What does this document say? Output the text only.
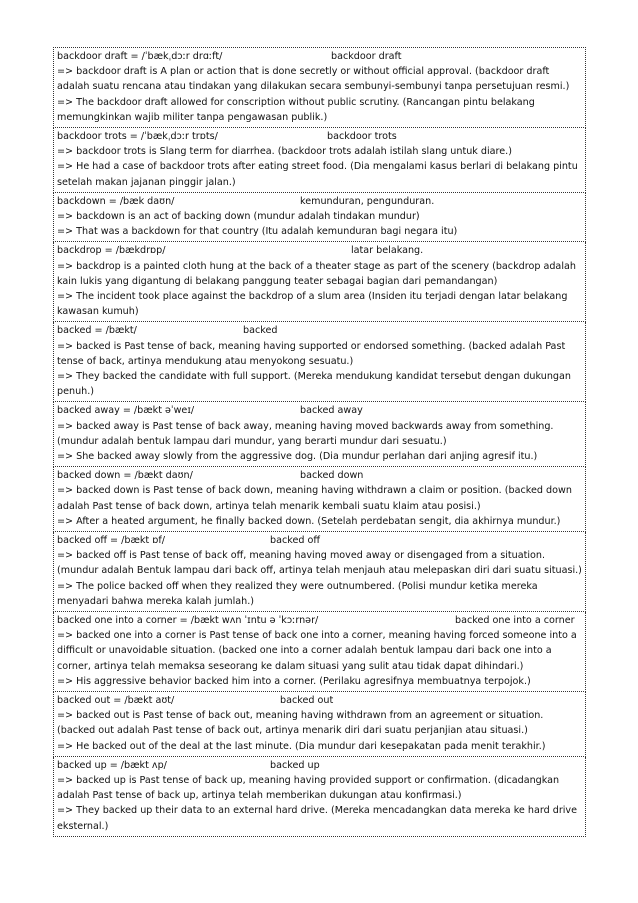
backdoor draft = /ˈbækˌdɔːr drɑːft/	backdoor draft

=> backdoor draft is A plan or action that is done secretly or without official approval. (backdoor draft adalah suatu rencana atau tindakan yang dilakukan secara sembunyi-sembunyi tanpa persetujuan resmi.)

=> The backdoor draft allowed for conscription without public scrutiny. (Rancangan pintu belakang memungkinkan wajib militer tanpa pengawasan publik.)

backdoor trots = /ˈbækˌdɔːr trɒts/	backdoor trots

=> backdoor trots is Slang term for diarrhea. (backdoor trots adalah istilah slang untuk diare.)

=> He had a case of backdoor trots after eating street food. (Dia mengalami kasus berlari di belakang pintu setelah makan jajanan pinggir jalan.)

backdown = /bæk daʊn/	kemunduran, pengunduran.

=> backdown is an act of backing down (mundur adalah tindakan mundur)

=> That was a backdown for that country (Itu adalah kemunduran bagi negara itu)

backdrop = /bækdrɒp/	latar belakang.

=> backdrop is a painted cloth hung at the back of a theater stage as part of the scenery (backdrop adalah kain lukis yang digantung di belakang panggung teater sebagai bagian dari pemandangan)

=> The incident took place against the backdrop of a slum area (Insiden itu terjadi dengan latar belakang kawasan kumuh)

backed = /bækt/	backed

=> backed is Past tense of back, meaning having supported or endorsed something. (backed adalah Past tense of back, artinya mendukung atau menyokong sesuatu.)

=> They backed the candidate with full support. (Mereka mendukung kandidat tersebut dengan dukungan penuh.)

backed away = /bækt əˈweɪ/	backed away

=> backed away is Past tense of back away, meaning having moved backwards away from something. (mundur adalah bentuk lampau dari mundur, yang berarti mundur dari sesuatu.)

=> She backed away slowly from the aggressive dog. (Dia mundur perlahan dari anjing agresif itu.)

backed down = /bækt daʊn/	backed down

=> backed down is Past tense of back down, meaning having withdrawn a claim or position. (backed down adalah Past tense of back down, artinya telah menarik kembali suatu klaim atau posisi.)

=> After a heated argument, he finally backed down. (Setelah perdebatan sengit, dia akhirnya mundur.)

backed off = /bækt ɒf/	backed off

=> backed off is Past tense of back off, meaning having moved away or disengaged from a situation. (mundur adalah Bentuk lampau dari back off, artinya telah menjauh atau melepaskan diri dari suatu situasi.)

=> The police backed off when they realized they were outnumbered. (Polisi mundur ketika mereka menyadari bahwa mereka kalah jumlah.)

backed one into a corner = /bækt wʌn ˈɪntu ə ˈkɔːrnər/	backed one into a corner

=> backed one into a corner is Past tense of back one into a corner, meaning having forced someone into a difficult or unavoidable situation. (backed one into a corner adalah bentuk lampau dari back one into a corner, artinya telah memaksa seseorang ke dalam situasi yang sulit atau tidak dapat dihindari.)

=> His aggressive behavior backed him into a corner. (Perilaku agresifnya membuatnya terpojok.)

backed out = /bækt aʊt/	backed out

=> backed out is Past tense of back out, meaning having withdrawn from an agreement or situation. (backed out adalah Past tense of back out, artinya menarik diri dari suatu perjanjian atau situasi.)

=> He backed out of the deal at the last minute. (Dia mundur dari kesepakatan pada menit terakhir.)

backed up = /bækt ʌp/	backed up

=> backed up is Past tense of back up, meaning having provided support or confirmation. (dicadangkan adalah Past tense of back up, artinya telah memberikan dukungan atau konfirmasi.)

=> They backed up their data to an external hard drive. (Mereka mencadangkan data mereka ke hard drive eksternal.)
